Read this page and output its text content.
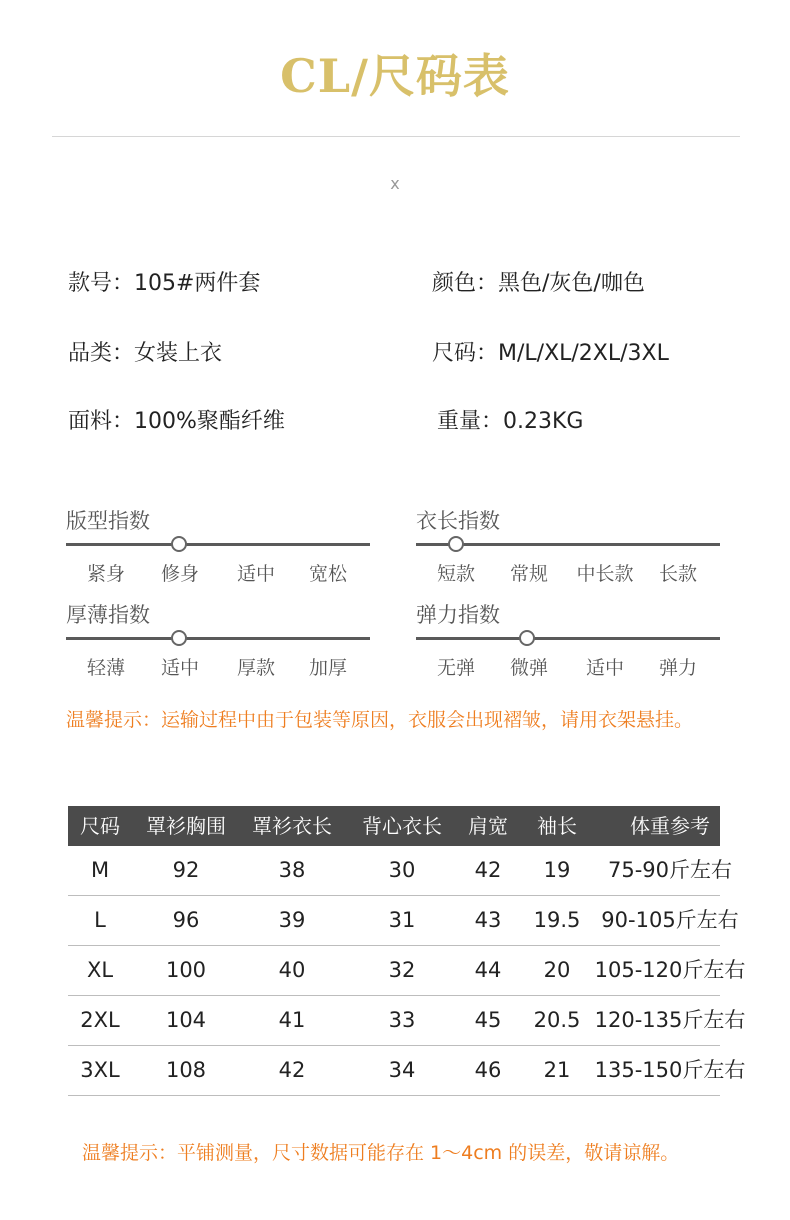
CL/尺码表
x
款号：105#两件套	颜色：黑色/灰色/咖色
品类：女装上衣	尺码：M/L/XL/2XL/3XL
面料：100%聚酯纤维	重量：0.23KG
版型指数
紧身 修身 适中 宽松
衣长指数
短款 常规 中长款 长款
厚薄指数
轻薄 适中 厚款 加厚
弹力指数
无弹 微弹 适中 弹力
温馨提示：运输过程中由于包装等原因，衣服会出现褶皱，请用衣架悬挂。
尺码 罩衫胸围 罩衫衣长 背心衣长 肩宽 袖长	体重参考
M	92	38	30	42 19 75-90斤左右
L	96	39	31	43 19.5 90-105斤左右
XL	100	40	32	44 20 105-120斤左右
2XL 104	41	33	45 20.5 120-135斤左右
3XL 108	42	34	46 21 135-150斤左右
温馨提示：平铺测量，尺寸数据可能存在 1～4cm 的误差，敬请谅解。
